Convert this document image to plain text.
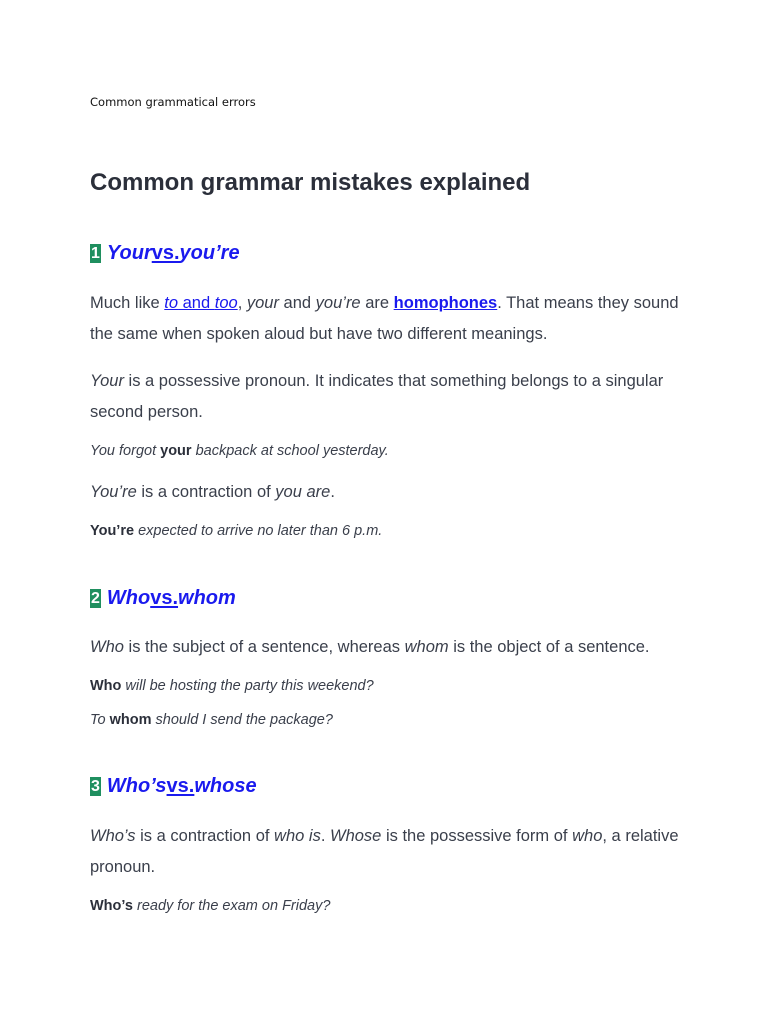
Common grammatical errors
Common grammar mistakes explained
1 Your vs. you’re

Much like to and too, your and you’re are homophones. That means they sound the same when spoken aloud but have two different meanings.

Your is a possessive pronoun. It indicates that something belongs to a singular second person.

You forgot your backpack at school yesterday.

You’re is a contraction of you are.

You’re expected to arrive no later than 6 p.m.

2 Who vs. whom

Who is the subject of a sentence, whereas whom is the object of a sentence.

Who will be hosting the party this weekend?

To whom should I send the package?

3 Who’s vs. whose

Who’s is a contraction of who is. Whose is the possessive form of who, a relative pronoun.

Who’s ready for the exam on Friday?
